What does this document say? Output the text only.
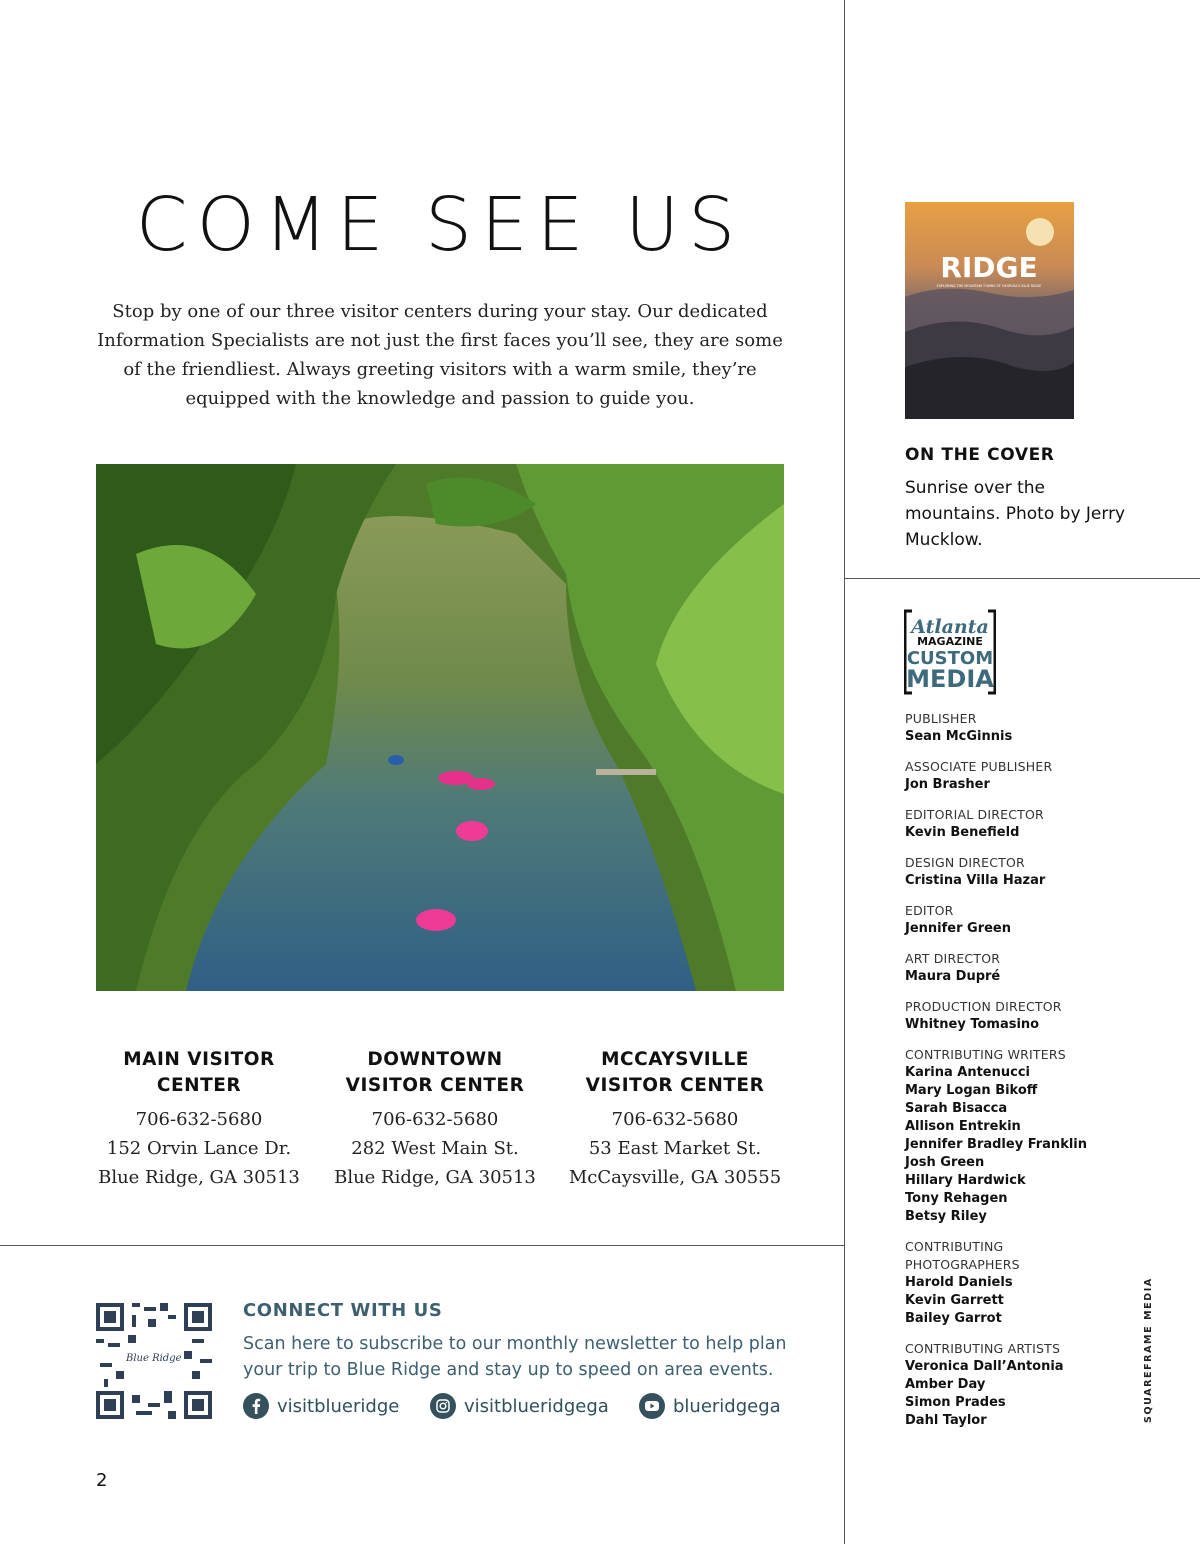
COME SEE US

Stop by one of our three visitor centers during your stay. Our dedicated Information Specialists are not just the first faces you’ll see, they are some of the friendliest. Always greeting visitors with a warm smile, they’re equipped with the knowledge and passion to guide you.

MAIN VISITOR
CENTER
706-632-5680
152 Orvin Lance Dr.
Blue Ridge, GA 30513
DOWNTOWN
VISITOR CENTER
706-632-5680
282 West Main St.
Blue Ridge, GA 30513
MCCAYSVILLE
VISITOR CENTER
706-632-5680
53 East Market St.
McCaysville, GA 30555
Blue Ridge
CONNECT WITH US

Scan here to subscribe to our monthly newsletter to help plan your trip to Blue Ridge and stay up to speed on area events.

visitblueridge	visitblueridgega	blueridgega
2
RIDGE
EXPLORING THE MOUNTAIN TOWNS OF GEORGIA'S BLUE RIDGE
ON THE COVER

Sunrise over the mountains. Photo by Jerry Mucklow.

Atlanta
MAGAZINE
CUSTOM
MEDIA
PUBLISHER
Sean McGinnis
ASSOCIATE PUBLISHER
Jon Brasher
EDITORIAL DIRECTOR
Kevin Benefield
DESIGN DIRECTOR
Cristina Villa Hazar
EDITOR
Jennifer Green
ART DIRECTOR
Maura Dupré
PRODUCTION DIRECTOR
Whitney Tomasino
CONTRIBUTING WRITERS
Karina Antenucci
Mary Logan Bikoff
Sarah Bisacca
Allison Entrekin
Jennifer Bradley Franklin
Josh Green
Hillary Hardwick
Tony Rehagen
Betsy Riley
CONTRIBUTING PHOTOGRAPHERS
Harold Daniels
Kevin Garrett
Bailey Garrot
CONTRIBUTING ARTISTS
Veronica Dall’Antonia
Amber Day
Simon Prades
Dahl Taylor	SQUAREFRAME MEDIA
